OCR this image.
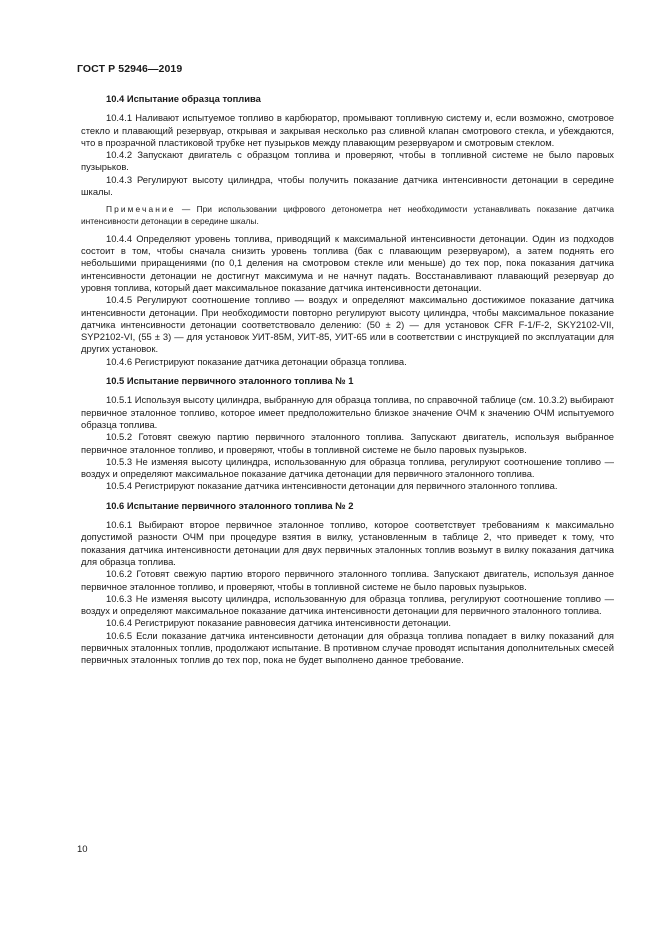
ГОСТ Р 52946—2019
10.4 Испытание образца топлива

10.4.1 Наливают испытуемое топливо в карбюратор, промывают топливную систему и, если возможно, смотровое стекло и плавающий резервуар, открывая и закрывая несколько раз сливной клапан смотрового стекла, и убеждаются, что в прозрачной пластиковой трубке нет пузырьков между плавающим резервуаром и смотровым стеклом.

10.4.2 Запускают двигатель с образцом топлива и проверяют, чтобы в топливной системе не было паровых пузырьков.

10.4.3 Регулируют высоту цилиндра, чтобы получить показание датчика интенсивности детонации в середине шкалы.

Примечание — При использовании цифрового детонометра нет необходимости устанавливать показание датчика интенсивности детонации в середине шкалы.

10.4.4 Определяют уровень топлива, приводящий к максимальной интенсивности детонации. Один из подходов состоит в том, чтобы сначала снизить уровень топлива (бак с плавающим резервуаром), а затем поднять его небольшими приращениями (по 0,1 деления на смотровом стекле или меньше) до тех пор, пока показания датчика интенсивности детонации не достигнут максимума и не начнут падать. Восстанавливают плавающий резервуар до уровня топлива, который дает максимальное показание датчика интенсивности детонации.

10.4.5 Регулируют соотношение топливо — воздух и определяют максимально достижимое показание датчика интенсивности детонации. При необходимости повторно регулируют высоту цилиндра, чтобы максимальное показание датчика интенсивности детонации соответствовало делению: (50 ± 2) — для установок CFR F-1/F-2, SKY2102-VII, SYP2102-VI, (55 ± 3) — для установок УИТ-85М, УИТ-85, УИТ-65 или в соответствии с инструкцией по эксплуатации для других установок.

10.4.6 Регистрируют показание датчика детонации образца топлива.

10.5 Испытание первичного эталонного топлива № 1

10.5.1 Используя высоту цилиндра, выбранную для образца топлива, по справочной таблице (см. 10.3.2) выбирают первичное эталонное топливо, которое имеет предположительно близкое значение ОЧМ к значению ОЧМ испытуемого образца топлива.

10.5.2 Готовят свежую партию первичного эталонного топлива. Запускают двигатель, используя выбранное первичное эталонное топливо, и проверяют, чтобы в топливной системе не было паровых пузырьков.

10.5.3 Не изменяя высоту цилиндра, использованную для образца топлива, регулируют соотношение топливо — воздух и определяют максимальное показание датчика детонации для первичного эталонного топлива.

10.5.4 Регистрируют показание датчика интенсивности детонации для первичного эталонного топлива.

10.6 Испытание первичного эталонного топлива № 2

10.6.1 Выбирают второе первичное эталонное топливо, которое соответствует требованиям к максимально допустимой разности ОЧМ при процедуре взятия в вилку, установленным в таблице 2, что приведет к тому, что показания датчика интенсивности детонации для двух первичных эталонных топлив возьмут в вилку показания датчика для образца топлива.

10.6.2 Готовят свежую партию второго первичного эталонного топлива. Запускают двигатель, используя данное первичное эталонное топливо, и проверяют, чтобы в топливной системе не было паровых пузырьков.

10.6.3 Не изменяя высоту цилиндра, использованную для образца топлива, регулируют соотношение топливо — воздух и определяют максимальное показание датчика интенсивности детонации для первичного эталонного топлива.

10.6.4 Регистрируют показание равновесия датчика интенсивности детонации.

10.6.5 Если показание датчика интенсивности детонации для образца топлива попадает в вилку показаний для первичных эталонных топлив, продолжают испытание. В противном случае проводят испытания дополнительных смесей первичных эталонных топлив до тех пор, пока не будет выполнено данное требование.

10
